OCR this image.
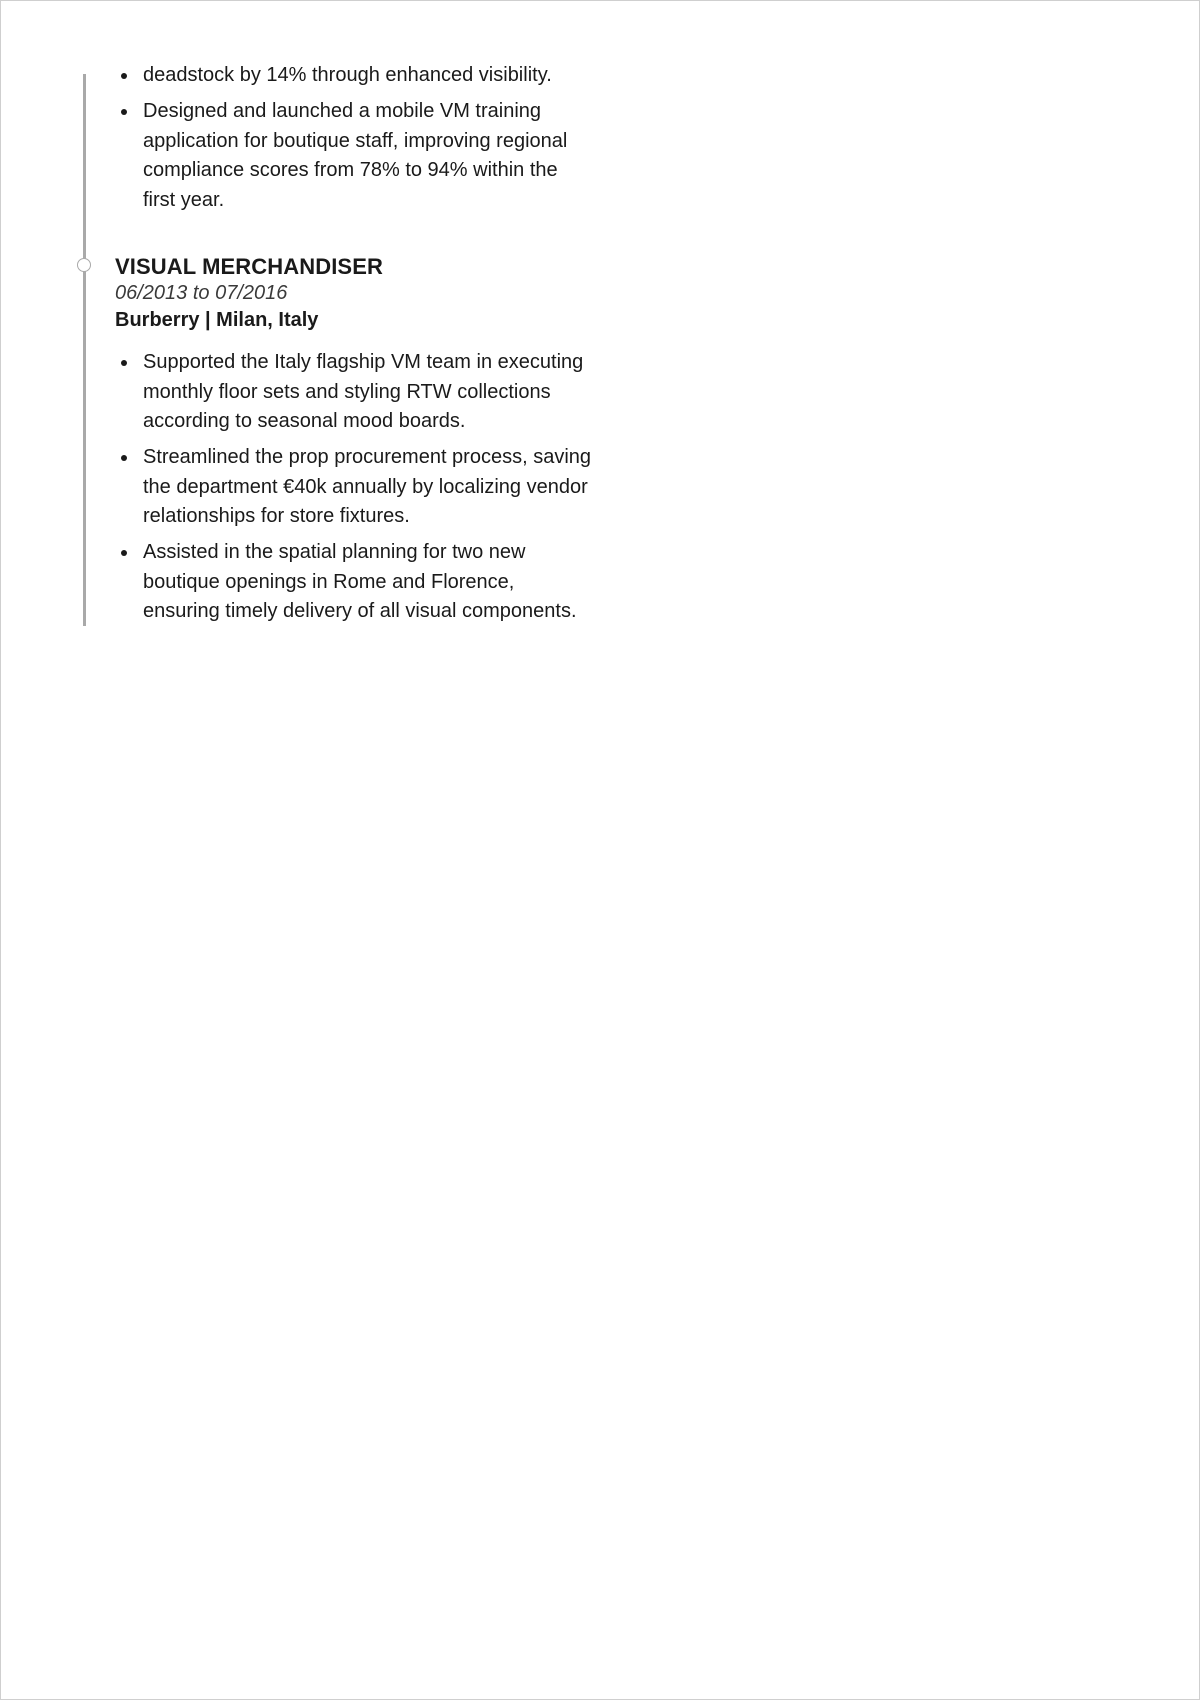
deadstock by 14% through enhanced visibility.
Designed and launched a mobile VM training application for boutique staff, improving regional compliance scores from 78% to 94% within the first year.
VISUAL MERCHANDISER
06/2013 to 07/2016
Burberry | Milan, Italy
Supported the Italy flagship VM team in executing monthly floor sets and styling RTW collections according to seasonal mood boards.
Streamlined the prop procurement process, saving the department €40k annually by localizing vendor relationships for store fixtures.
Assisted in the spatial planning for two new boutique openings in Rome and Florence, ensuring timely delivery of all visual components.
